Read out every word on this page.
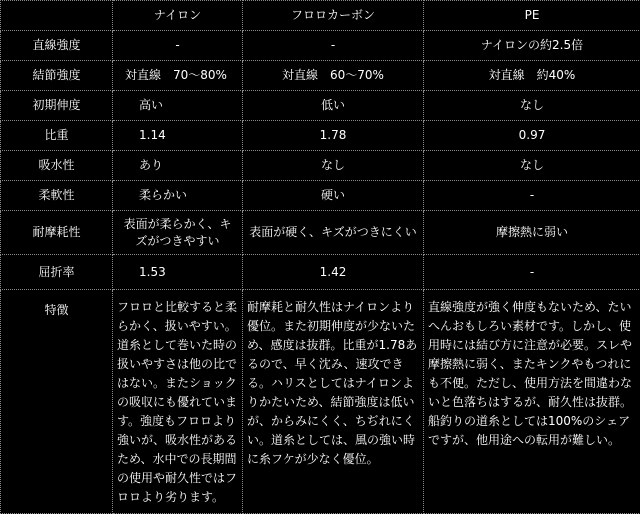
	ナイロン	フロロカーボン	PE
直線強度	-	-	ナイロンの約2.5倍
結節強度	対直線　70～80%	対直線　60～70%	対直線　約40%
初期伸度	高い	低い	なし
比重	1.14	1.78	0.97
吸水性	あり	なし	なし
柔軟性	柔らかい	硬い	-
耐摩耗性	表面が柔らかく、キズがつきやすい	表面が硬く、キズがつきにくい	摩擦熱に弱い
屈折率	1.53	1.42	-
特徴	フロロと比較すると柔らかく、扱いやすい。道糸として巻いた時の扱いやすさは他の比ではない。またショックの吸収にも優れています。強度もフロロより強いが、吸水性があるため、水中での長期間の使用や耐久性ではフロロより劣ります。	耐摩耗と耐久性はナイロンより優位。また初期伸度が少ないため、感度は抜群。比重が1.78あるので、早く沈み、速攻できる。ハリスとしてはナイロンよりかたいため、結節強度は低いが、からみにくく、ちぢれにくい。道糸としては、風の強い時に糸フケが少なく優位。	直線強度が強く伸度もないため、たいへんおもしろい素材です。しかし、使用時には結び方に注意が必要。スレや摩擦熱に弱く、またキンクやもつれにも不便。ただし、使用方法を間違わないと色落ちはするが、耐久性は抜群。船釣りの道糸としては100%のシェアですが、他用途への転用が難しい。
